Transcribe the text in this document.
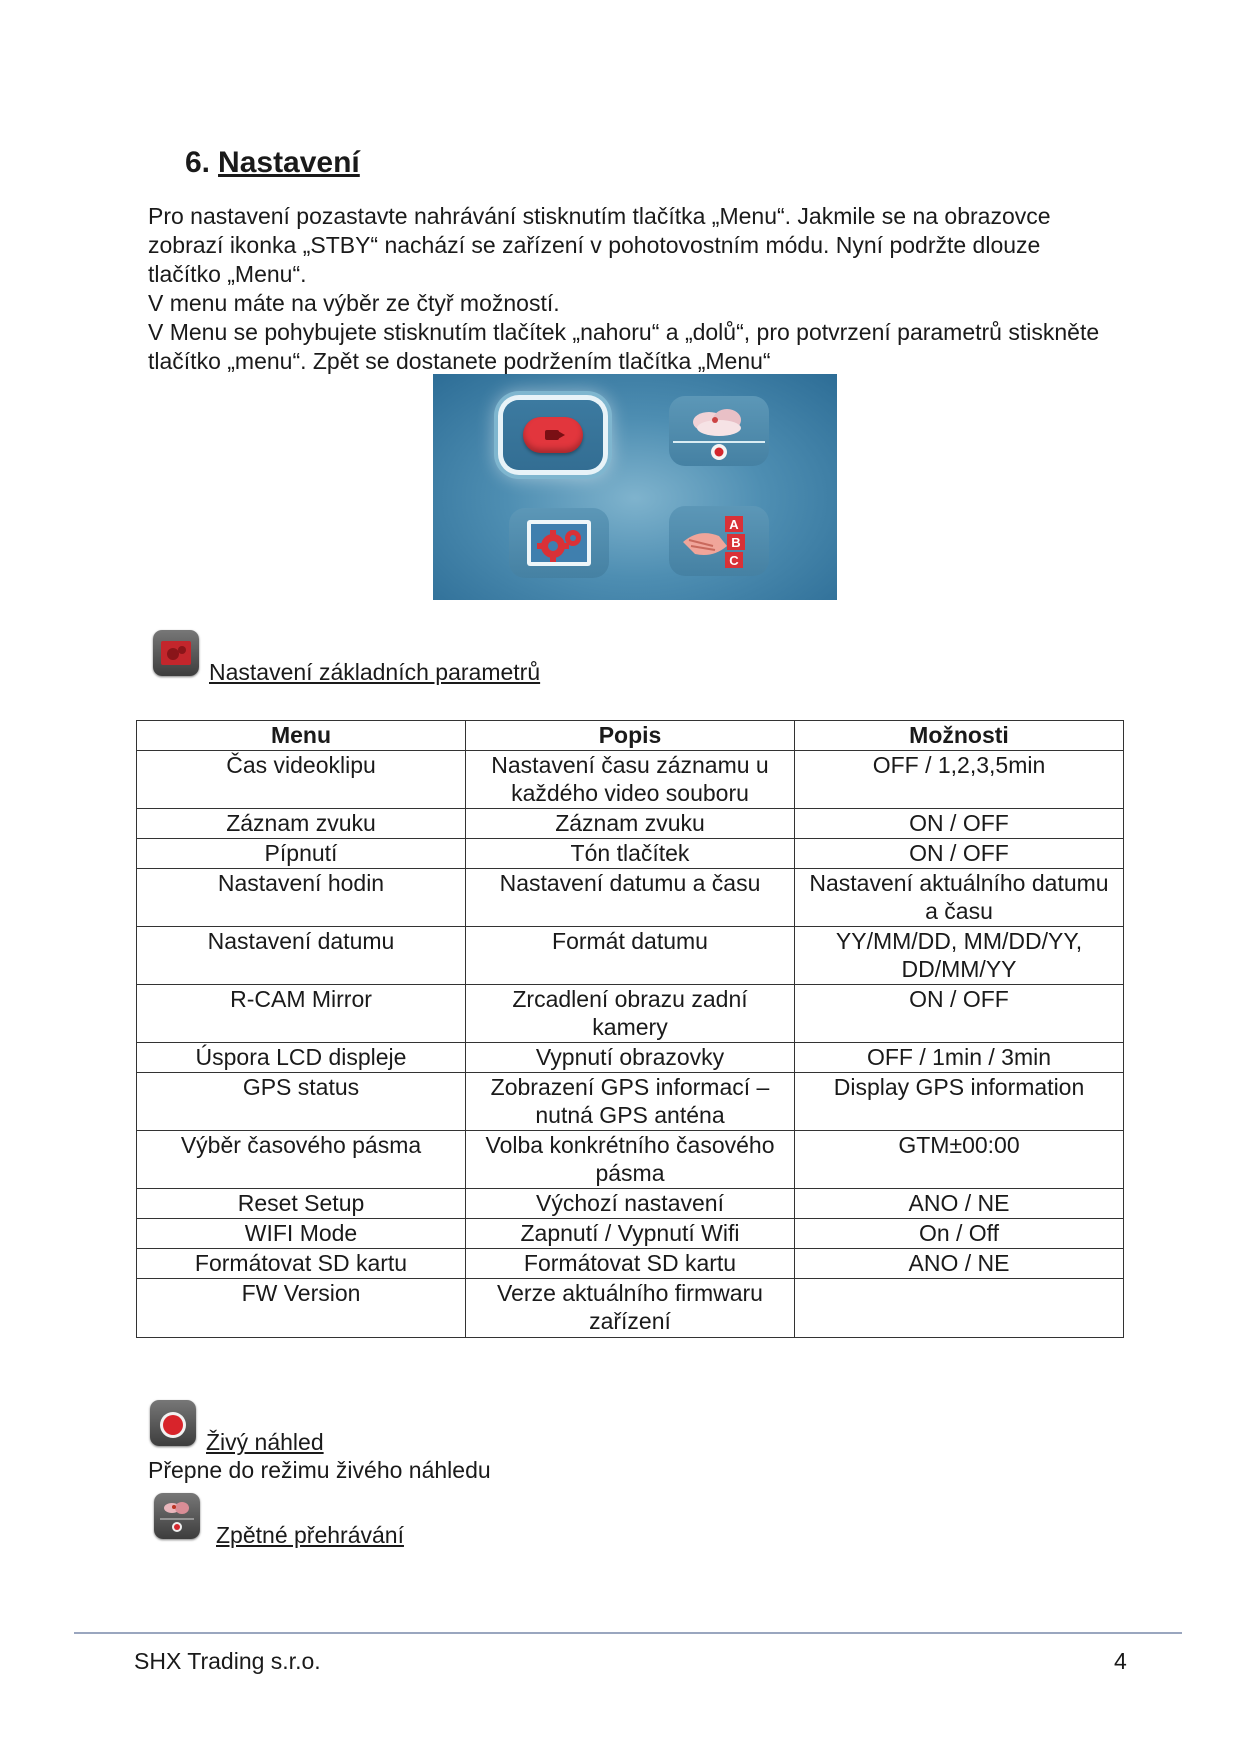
6. Nastavení

Pro nastavení pozastavte nahrávání stisknutím tlačítka „Menu“. Jakmile se na obrazovce zobrazí ikonka „STBY“ nachází se zařízení v pohotovostním módu. Nyní podržte dlouze tlačítko „Menu“.

V menu máte na výběr ze čtyř možností.

V Menu se pohybujete stisknutím tlačítek „nahoru“ a „dolů“, pro potvrzení parametrů stiskněte tlačítko „menu“. Zpět se dostanete podržením tlačítka „Menu“

A
B
C
Nastavení základních parametrů
Menu	Popis	Možnosti
Čas videoklipu	Nastavení času záznamu u každého video souboru	OFF / 1,2,3,5min
Záznam zvuku	Záznam zvuku	ON / OFF
Pípnutí	Tón tlačítek	ON / OFF
Nastavení hodin	Nastavení datumu a času	Nastavení aktuálního datumu a času
Nastavení datumu	Formát datumu	YY/MM/DD, MM/DD/YY, DD/MM/YY
R-CAM Mirror	Zrcadlení obrazu zadní kamery	ON / OFF
Úspora LCD displeje	Vypnutí obrazovky	OFF / 1min / 3min
GPS status	Zobrazení GPS informací – nutná GPS anténa	Display GPS information
Výběr časového pásma	Volba konkrétního časového pásma	GTM±00:00
Reset Setup	Výchozí nastavení	ANO / NE
WIFI Mode	Zapnutí / Vypnutí Wifi	On / Off
Formátovat SD kartu	Formátovat SD kartu	ANO / NE
FW Version	Verze aktuálního firmwaru zařízení	
Živý náhled
Přepne do režimu živého náhledu
Zpětné přehrávání
SHX Trading s.r.o.	4
